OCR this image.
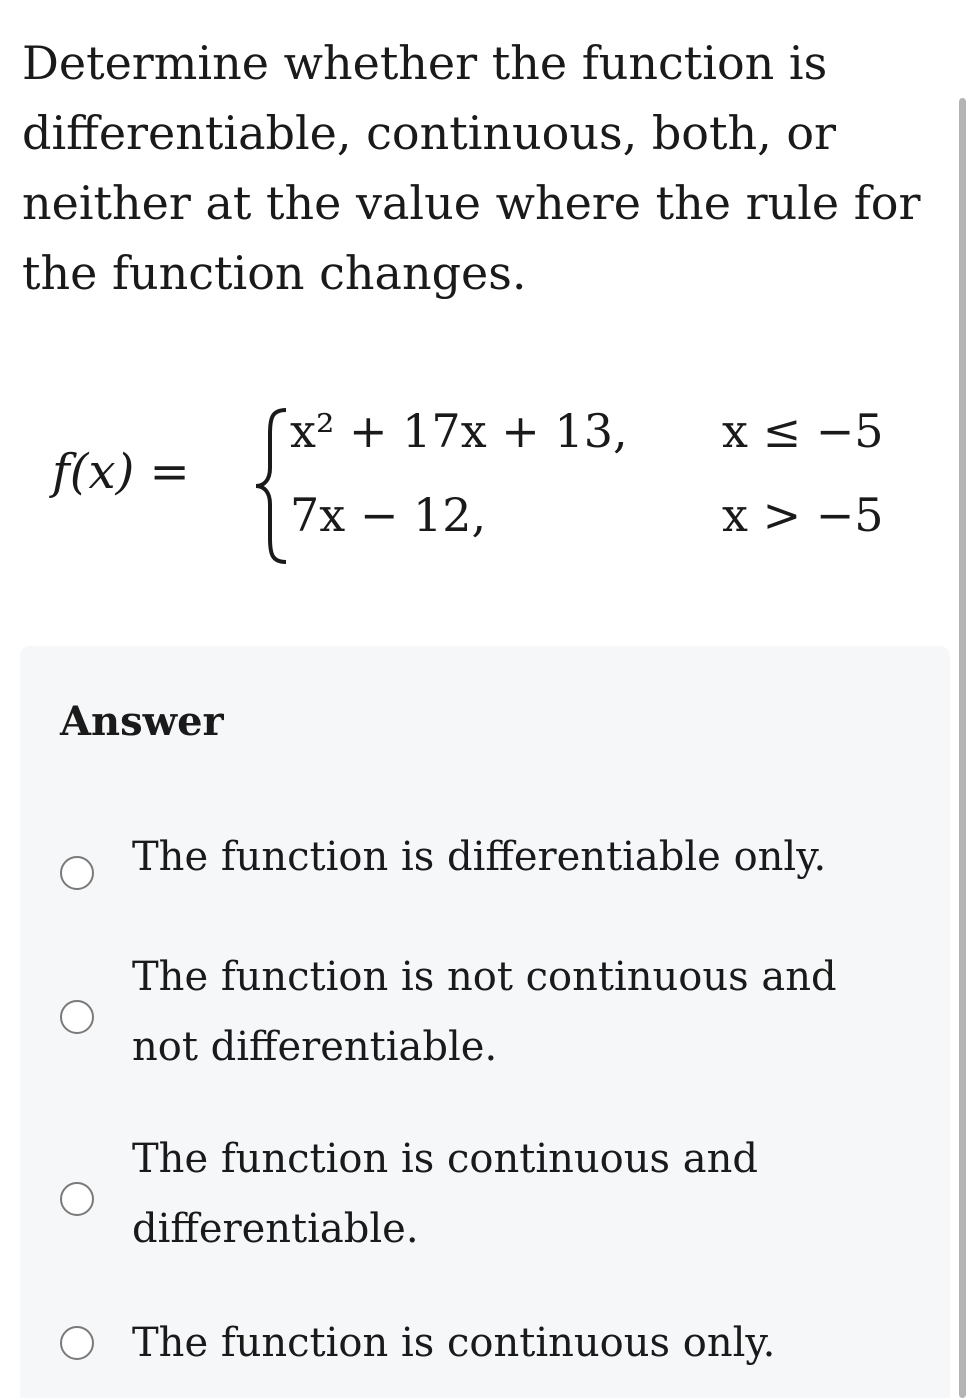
Determine whether the function is differentiable, continuous, both, or neither at the value where the rule for the function changes.
f(x) =
x² + 17x + 13, x ≤ −5
7x − 12,	x > −5
Answer
The function is differentiable only.
The function is not continuous and not differentiable.
The function is continuous and differentiable.
The function is continuous only.
